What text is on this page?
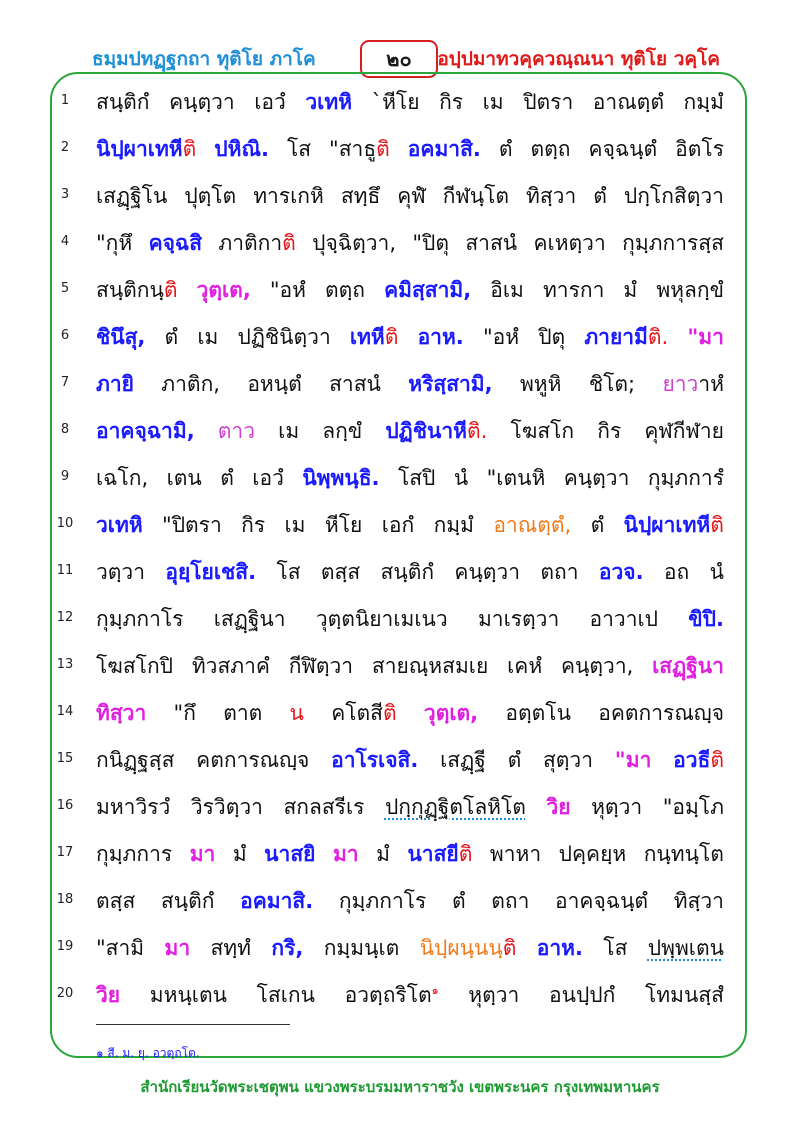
ธมฺมปทฏฺฐกถา ทุติโย ภาโค	๒๐	อปฺปมาทวคฺควณฺณนา ทุติโย วคฺโค
1
2
3
4
5
6
7
8
9
10
11
12
13
14
15
16
17
18
19
20
สนฺติกํ คนฺตฺวา เอวํ วเทหิ `หีโย กิร เม ปิตรา อาณตฺตํ กมฺมํ
นิปฺผาเทหีติ ปหิณิ. โส "สาธูติ อคมาสิ. ตํ ตตฺถ คจฺฉนฺตํ อิตโร
เสฏฺฐิโน ปุตฺโต ทารเกหิ สทฺธึ คุฬํ กีฬนฺโต ทิสฺวา ตํ ปกฺโกสิตฺวา
"กุหึ คจฺฉสิ ภาติกาติ ปุจฺฉิตฺวา, "ปิตุ สาสนํ คเหตฺวา กุมฺภการสฺส
สนฺติกนฺติ วุตฺเต, "อหํ ตตฺถ คมิสฺสามิ, อิเม ทารกา มํ พหุลกฺขํ
ชินึสุ, ตํ เม ปฏิชินิตฺวา เทหีติ อาห. "อหํ ปิตุ ภายามีติ. "มา
ภายิ ภาติก, อหนฺตํ สาสนํ หริสฺสามิ, พหูหิ ชิโต; ยาวาหํ
อาคจฺฉามิ, ตาว เม ลกฺขํ ปฏิชินาหีติ. โฆสโก กิร คุฬกีฬาย
เฉโก, เตน ตํ เอวํ นิพฺพนฺธิ. โสปิ นํ "เตนหิ คนฺตฺวา กุมฺภการํ
วเทหิ "ปิตรา กิร เม หีโย เอกํ กมฺมํ อาณตฺตํ, ตํ นิปฺผาเทหีติ
วตฺวา อุยฺโยเชสิ. โส ตสฺส สนฺติกํ คนฺตฺวา ตถา อวจ. อถ นํ
กุมฺภกาโร เสฏฺฐินา วุตฺตนิยาเมเนว มาเรตฺวา อาวาเป ขิปิ.
โฆสโกปิ ทิวสภาคํ กีฬิตฺวา สายณฺหสมเย เคหํ คนฺตฺวา, เสฏฺฐินา
ทิสฺวา "กึ ตาต น คโตสีติ วุตฺเต, อตฺตโน อคตการณญฺจ
กนิฏฺฐสฺส คตการณญฺจ อาโรเจสิ. เสฏฺฐี ตํ สุตฺวา "มา อวธีติ
มหาวิรวํ วิรวิตฺวา สกลสรีเร ปกฺกุฏฺฐิตโลหิโต วิย หุตฺวา "อมฺโภ
กุมฺภการ มา มํ นาสยิ มา มํ นาสยีติ พาหา ปคฺคยฺห กนฺทนฺโต
ตสฺส สนฺติกํ อคมาสิ. กุมฺภกาโร ตํ ตถา อาคจฺฉนฺตํ ทิสฺวา
"สามิ มา สทฺทํ กริ, กมฺมนฺเต นิปฺผนฺนนฺติ อาห. โส ปพฺพเตน
วิย มหนฺเตน โสเกน อวตฺถริโต๑ หุตฺวา อนปฺปกํ โทมนสฺสํ
๑ สี. ม. ยุ. อวตฺถโต.
สำนักเรียนวัดพระเชตุพน แขวงพระบรมมหาราชวัง เขตพระนคร กรุงเทพมหานคร
